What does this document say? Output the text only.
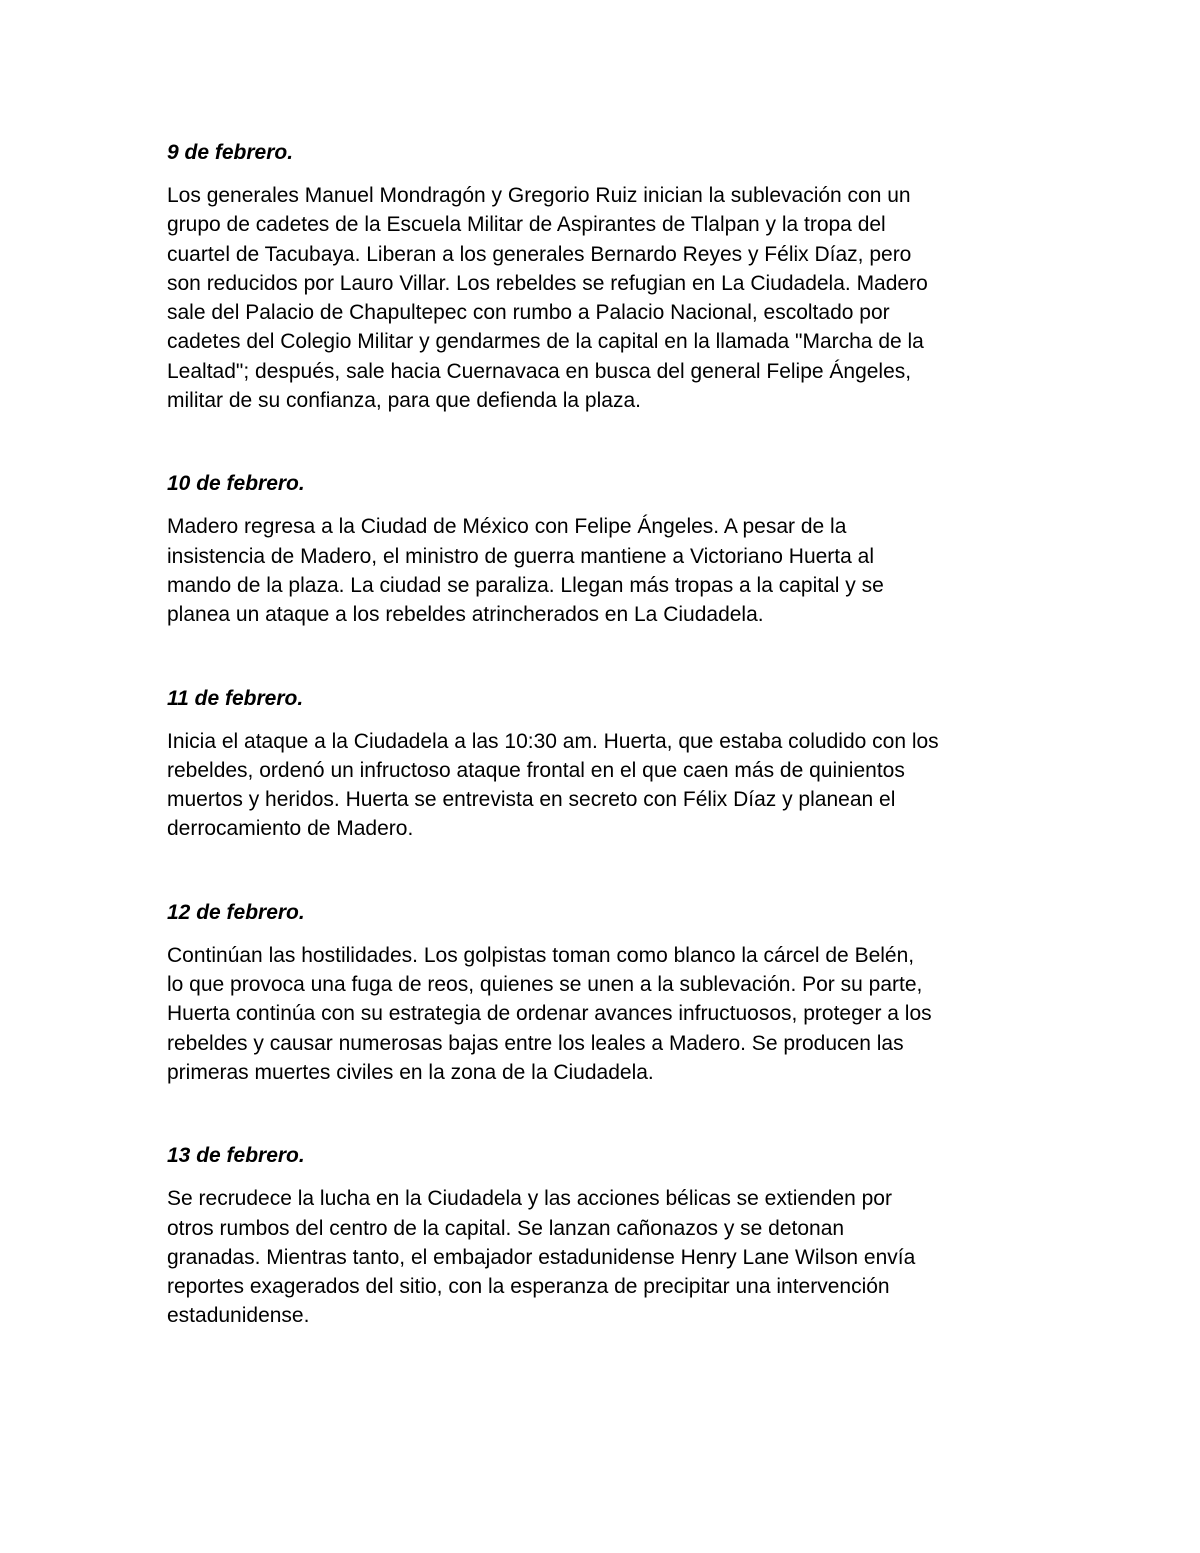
9 de febrero.

Los generales Manuel Mondragón y Gregorio Ruiz inician la sublevación con un
grupo de cadetes de la Escuela Militar de Aspirantes de Tlalpan y la tropa del
cuartel de Tacubaya. Liberan a los generales Bernardo Reyes y Félix Díaz, pero
son reducidos por Lauro Villar. Los rebeldes se refugian en La Ciudadela. Madero
sale del Palacio de Chapultepec con rumbo a Palacio Nacional, escoltado por
cadetes del Colegio Militar y gendarmes de la capital en la llamada "Marcha de la
Lealtad"; después, sale hacia Cuernavaca en busca del general Felipe Ángeles,
militar de su confianza, para que defienda la plaza.

10 de febrero.

Madero regresa a la Ciudad de México con Felipe Ángeles. A pesar de la
insistencia de Madero, el ministro de guerra mantiene a Victoriano Huerta al
mando de la plaza. La ciudad se paraliza. Llegan más tropas a la capital y se
planea un ataque a los rebeldes atrincherados en La Ciudadela.

11 de febrero.

Inicia el ataque a la Ciudadela a las 10:30 am. Huerta, que estaba coludido con los
rebeldes, ordenó un infructoso ataque frontal en el que caen más de quinientos
muertos y heridos. Huerta se entrevista en secreto con Félix Díaz y planean el
derrocamiento de Madero.

12 de febrero.

Continúan las hostilidades. Los golpistas toman como blanco la cárcel de Belén,
lo que provoca una fuga de reos, quienes se unen a la sublevación. Por su parte,
Huerta continúa con su estrategia de ordenar avances infructuosos, proteger a los
rebeldes y causar numerosas bajas entre los leales a Madero. Se producen las
primeras muertes civiles en la zona de la Ciudadela.

13 de febrero.

Se recrudece la lucha en la Ciudadela y las acciones bélicas se extienden por
otros rumbos del centro de la capital. Se lanzan cañonazos y se detonan
granadas. Mientras tanto, el embajador estadunidense Henry Lane Wilson envía
reportes exagerados del sitio, con la esperanza de precipitar una intervención
estadunidense.
